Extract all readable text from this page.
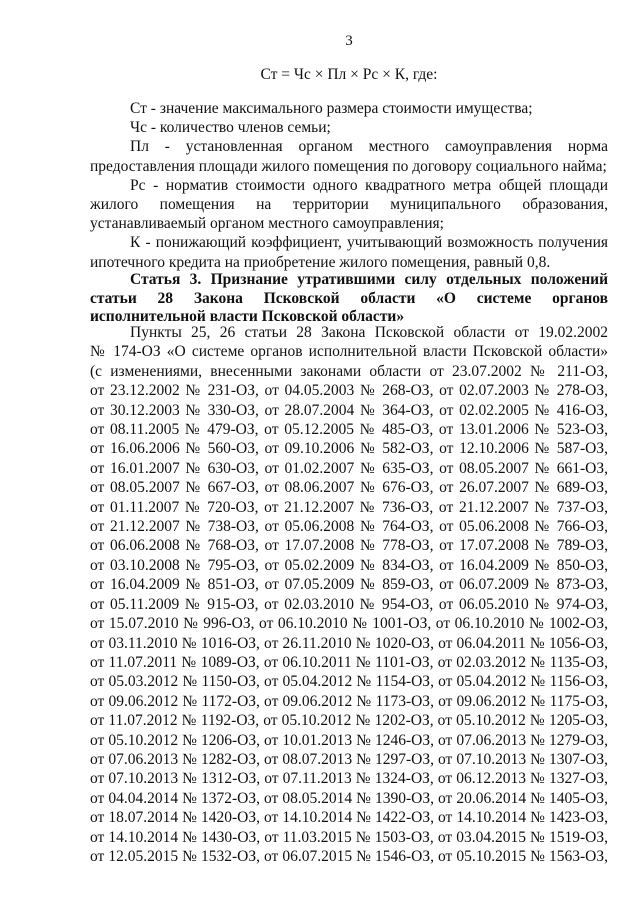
3
Ст = Чс × Пл × Рс × К, где:

Ст - значение максимального размера стоимости имущества;

Чс - количество членов семьи;

Пл - установленная органом местного самоуправления норма предоставления площади жилого помещения по договору социального найма;

Рс - норматив стоимости одного квадратного метра общей площади жилого помещения на территории муниципального образования, устанавливаемый органом местного самоуправления;

К - понижающий коэффициент, учитывающий возможность получения ипотечного кредита на приобретение жилого помещения, равный 0,8.

Статья 3. Признание утратившими силу отдельных положений статьи 28 Закона Псковской области «О системе органов исполнительной власти Псковской области»

Пункты 25, 26 статьи 28 Закона Псковской области от 19.02.2002
№ 174-ОЗ «О системе органов исполнительной власти Псковской области»
(с изменениями, внесенными законами области от 23.07.2002 № 211-ОЗ,
от 23.12.2002 № 231-ОЗ, от 04.05.2003 № 268-ОЗ, от 02.07.2003 № 278-ОЗ,
от 30.12.2003 № 330-ОЗ, от 28.07.2004 № 364-ОЗ, от 02.02.2005 № 416-ОЗ,
от 08.11.2005 № 479-ОЗ, от 05.12.2005 № 485-ОЗ, от 13.01.2006 № 523-ОЗ,
от 16.06.2006 № 560-ОЗ, от 09.10.2006 № 582-ОЗ, от 12.10.2006 № 587-ОЗ,
от 16.01.2007 № 630-ОЗ, от 01.02.2007 № 635-ОЗ, от 08.05.2007 № 661-ОЗ,
от 08.05.2007 № 667-ОЗ, от 08.06.2007 № 676-ОЗ, от 26.07.2007 № 689-ОЗ,
от 01.11.2007 № 720-ОЗ, от 21.12.2007 № 736-ОЗ, от 21.12.2007 № 737-ОЗ,
от 21.12.2007 № 738-ОЗ, от 05.06.2008 № 764-ОЗ, от 05.06.2008 № 766-ОЗ,
от 06.06.2008 № 768-ОЗ, от 17.07.2008 № 778-ОЗ, от 17.07.2008 № 789-ОЗ,
от 03.10.2008 № 795-ОЗ, от 05.02.2009 № 834-ОЗ, от 16.04.2009 № 850-ОЗ,
от 16.04.2009 № 851-ОЗ, от 07.05.2009 № 859-ОЗ, от 06.07.2009 № 873-ОЗ,
от 05.11.2009 № 915-ОЗ, от 02.03.2010 № 954-ОЗ, от 06.05.2010 № 974-ОЗ,
от 15.07.2010 № 996-ОЗ, от 06.10.2010 № 1001-ОЗ, от 06.10.2010 № 1002-ОЗ,
от 03.11.2010 № 1016-ОЗ, от 26.11.2010 № 1020-ОЗ, от 06.04.2011 № 1056-ОЗ,
от 11.07.2011 № 1089-ОЗ, от 06.10.2011 № 1101-ОЗ, от 02.03.2012 № 1135-ОЗ,
от 05.03.2012 № 1150-ОЗ, от 05.04.2012 № 1154-ОЗ, от 05.04.2012 № 1156-ОЗ,
от 09.06.2012 № 1172-ОЗ, от 09.06.2012 № 1173-ОЗ, от 09.06.2012 № 1175-ОЗ,
от 11.07.2012 № 1192-ОЗ, от 05.10.2012 № 1202-ОЗ, от 05.10.2012 № 1205-ОЗ,
от 05.10.2012 № 1206-ОЗ, от 10.01.2013 № 1246-ОЗ, от 07.06.2013 № 1279-ОЗ,
от 07.06.2013 № 1282-ОЗ, от 08.07.2013 № 1297-ОЗ, от 07.10.2013 № 1307-ОЗ,
от 07.10.2013 № 1312-ОЗ, от 07.11.2013 № 1324-ОЗ, от 06.12.2013 № 1327-ОЗ,
от 04.04.2014 № 1372-ОЗ, от 08.05.2014 № 1390-ОЗ, от 20.06.2014 № 1405-ОЗ,
от 18.07.2014 № 1420-ОЗ, от 14.10.2014 № 1422-ОЗ, от 14.10.2014 № 1423-ОЗ,
от 14.10.2014 № 1430-ОЗ, от 11.03.2015 № 1503-ОЗ, от 03.04.2015 № 1519-ОЗ,
от 12.05.2015 № 1532-ОЗ, от 06.07.2015 № 1546-ОЗ, от 05.10.2015 № 1563-ОЗ,
